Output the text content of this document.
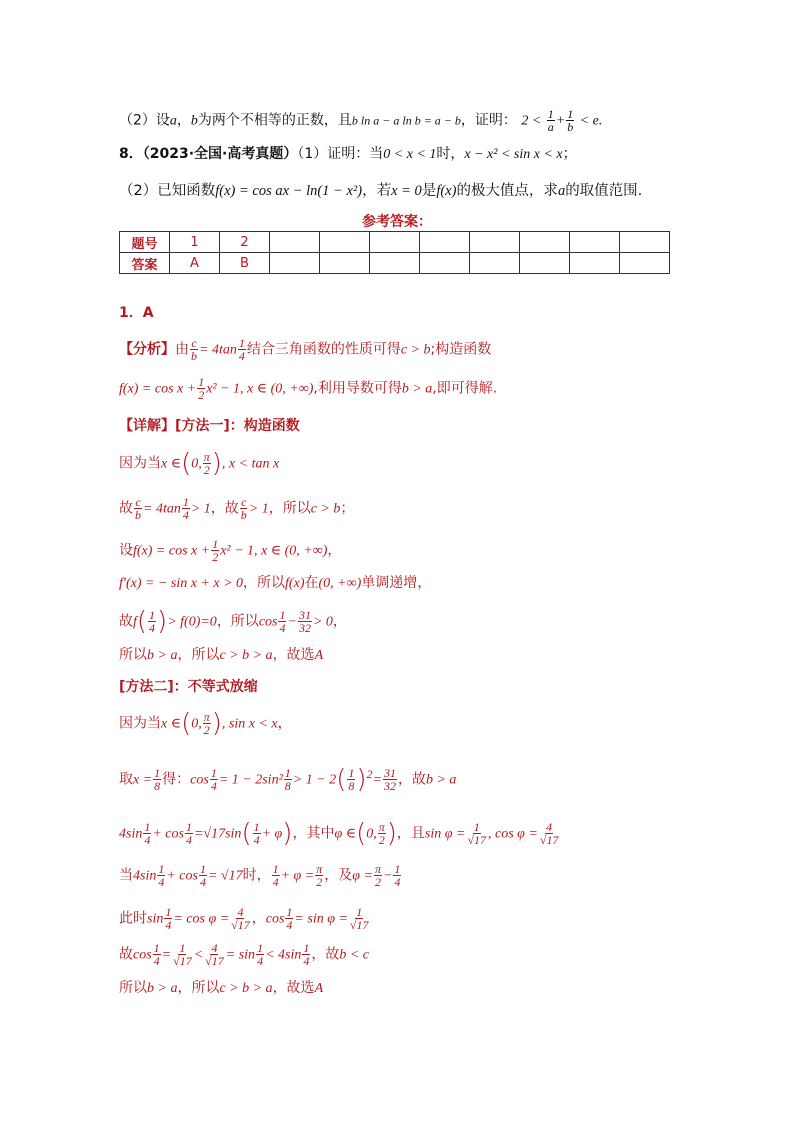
（2）设a，b为两个不相等的正数，且b ln a − a ln b = a − b，证明： $2 < \frac{1}{a} + \frac{1}{b} < e$.
8．（2023·全国·高考真题）（1）证明：当0 < x < 1时，x − x² < sin x < x；
（2）已知函数f(x) = cos ax − ln(1 − x²)，若x = 0是f(x)的极大值点，求a的取值范围.
参考答案：
题号	1	2								
答案	A	B								
1．A
【分析】由 $\frac{c}{b} = 4\tan \frac{1}{4}$ 结合三角函数的性质可得c > b;构造函数
$f(x) = \cos x + \frac{1}{2} x^2 - 1$, x ∈ (0, +∞),利用导数可得b > a,即可得解.
【详解】[方法一]：构造函数
因为当x ∈(0, $\frac{\pi}{2}$ ), x < tan x
故 $\frac{c}{b} = 4\tan \frac{1}{4} > 1$，故 $\frac{c}{b} > 1$，所以c > b；
设$f(x) = \cos x + \frac{1}{2} x^2 - 1$, x ∈ (0, +∞)，
f′(x) = − sin x + x > 0，所以f(x)在(0, +∞)单调递增，
故$f( \frac{1}{4}$ )> f(0)=0，所以$\cos \frac{1}{4} - \frac{31}{32} > 0$，
所以b > a，所以c > b > a，故选A
[方法二]：不等式放缩
因为当x ∈(0, $\frac{\pi}{2}$ ), sin x < x，
取$x = \frac{1}{8}$ 得：$\cos \frac{1}{4} = 1 - 2\sin^2 \frac{1}{8} > 1 - 2( \frac{1}{8} )^2= \frac{31}{32}$ ，故b > a
$4\sin \frac{1}{4} + \cos \frac{1}{4} =√17\sin( \frac{1}{4} + \varphi)$，其中φ ∈(0, $\frac{\pi}{2}$ )，且$\sin \varphi = \frac{1}{√17}$ , $\cos \varphi = \frac{4}{√17}$
当$4\sin \frac{1}{4} + \cos \frac{1}{4} = √17$时， $\frac{1}{4} + \varphi = \frac{\pi}{2}$ ，及$\varphi = \frac{\pi}{2} - \frac{1}{4}$
此时$\sin \frac{1}{4} = \cos \varphi = \frac{4}{√17}$ ，$\cos \frac{1}{4} = \sin \varphi = \frac{1}{√17}$
故$\cos \frac{1}{4} = \frac{1}{√17} < \frac{4}{√17} = \sin \frac{1}{4} < 4\sin \frac{1}{4}$ ，故b < c
所以b > a，所以c > b > a，故选A
